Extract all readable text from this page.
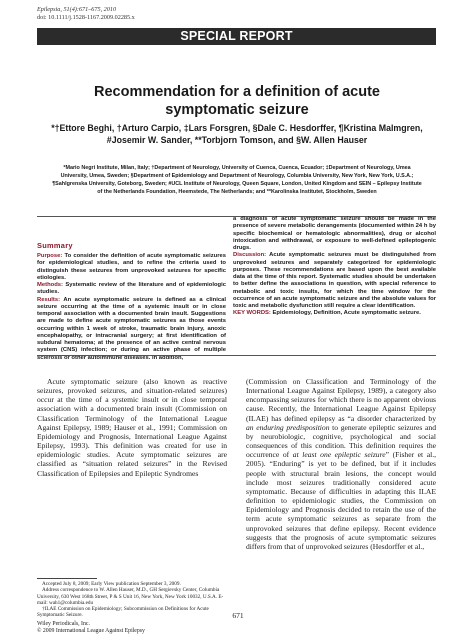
Epilepsia, 51(4):671–675, 2010
doi: 10.1111/j.1528-1167.2009.02285.x
SPECIAL REPORT
Recommendation for a definition of acute symptomatic seizure
*†Ettore Beghi, †Arturo Carpio, ‡Lars Forsgren, §Dale C. Hesdorffer, ¶Kristina Malmgren, #Josemir W. Sander, **Torbjorn Tomson, and §W. Allen Hauser
*Mario Negri Institute, Milan, Italy; †Department of Neurology, University of Cuenca, Cuenca, Ecuador; ‡Department of Neurology, Umea University, Umea, Sweden; §Department of Epidemiology and Department of Neurology, Columbia University, New York, New York, U.S.A.; ¶Sahlgrenska University, Goteborg, Sweden; #UCL Institute of Neurology, Queen Square, London, United Kingdom and SEIN – Epilepsy Institute of the Netherlands Foundation, Heemstede, The Netherlands; and **Karolinska Institutet, Stockholm, Sweden
Summary

Purpose: To consider the definition of acute symptomatic seizures for epidemiological studies, and to refine the criteria used to distinguish these seizures from unprovoked seizures for specific etiologies.
Methods: Systematic review of the literature and of epidemiologic studies.
Results: An acute symptomatic seizure is defined as a clinical seizure occurring at the time of a systemic insult or in close temporal association with a documented brain insult. Suggestions are made to define acute symptomatic seizures as those events occurring within 1 week of stroke, traumatic brain injury, anoxic encephalopathy, or intracranial surgery; at first identification of subdural hematoma; at the presence of an active central nervous system (CNS) infection; or during an active phase of multiple sclerosis or other autoimmune diseases. In addition,

a diagnosis of acute symptomatic seizure should be made in the presence of severe metabolic derangements (documented within 24 h by specific biochemical or hematologic abnormalities), drug or alcohol intoxication and withdrawal, or exposure to well-defined epileptogenic drugs.
Discussion: Acute symptomatic seizures must be distinguished from unprovoked seizures and separately categorized for epidemiologic purposes. These recommendations are based upon the best available data at the time of this report. Systematic studies should be undertaken to better define the associations in question, with special reference to metabolic and toxic insults, for which the time window for the occurrence of an acute symptomatic seizure and the absolute values for toxic and metabolic dysfunction still require a clear identification.
KEY WORDS: Epidemiology, Definition, Acute symptomatic seizure.

Acute symptomatic seizure (also known as reactive seizures, provoked seizures, and situation-related seizures) occur at the time of a systemic insult or in close temporal association with a documented brain insult (Commission on Classification Terminology of the International League Against Epilepsy, 1989; Hauser et al., 1991; Commission on Epidemiology and Prognosis, International League Against Epilepsy, 1993). This definition was created for use in epidemiologic studies. Acute symptomatic seizures are classified as “situation related seizures” in the Revised Classification of Epilepsies and Epileptic Syndromes

(Commission on Classification and Terminology of the International League Against Epilepsy, 1989), a category also encompassing seizures for which there is no apparent obvious cause. Recently, the International League Against Epilepsy (ILAE) has defined epilepsy as “a disorder characterized by an enduring predisposition to generate epileptic seizures and by neurobiologic, cognitive, psychological and social consequences of this condition. This definition requires the occurrence of at least one epileptic seizure” (Fisher et al., 2005). “Enduring” is yet to be defined, but if it includes people with structural brain lesions, the concept would include most seizures traditionally considered acute symptomatic. Because of difficulties in adapting this ILAE definition to epidemiologic studies, the Commission on Epidemiology and Prognosis decided to retain the use of the term acute symptomatic seizures as separate from the unprovoked seizures that define epilepsy. Recent evidence suggests that the prognosis of acute symptomatic seizures differs from that of unprovoked seizures (Hesdorffer et al.,

Accepted July 8, 2009; Early View publication September 3, 2009.
Address correspondence to W. Allen Hauser, M.D., GH Sergievsky Center, Columbia University, 630 West 168th Street, P & S Unit 16, New York, New York 10032, U.S.A. E-mail: wah1@columbia.edu
†ILAE Commission on Epidemiology; Subcommission on Definitions for Acute Symptomatic Seizure.
Wiley Periodicals, Inc.
© 2009 International League Against Epilepsy
671
